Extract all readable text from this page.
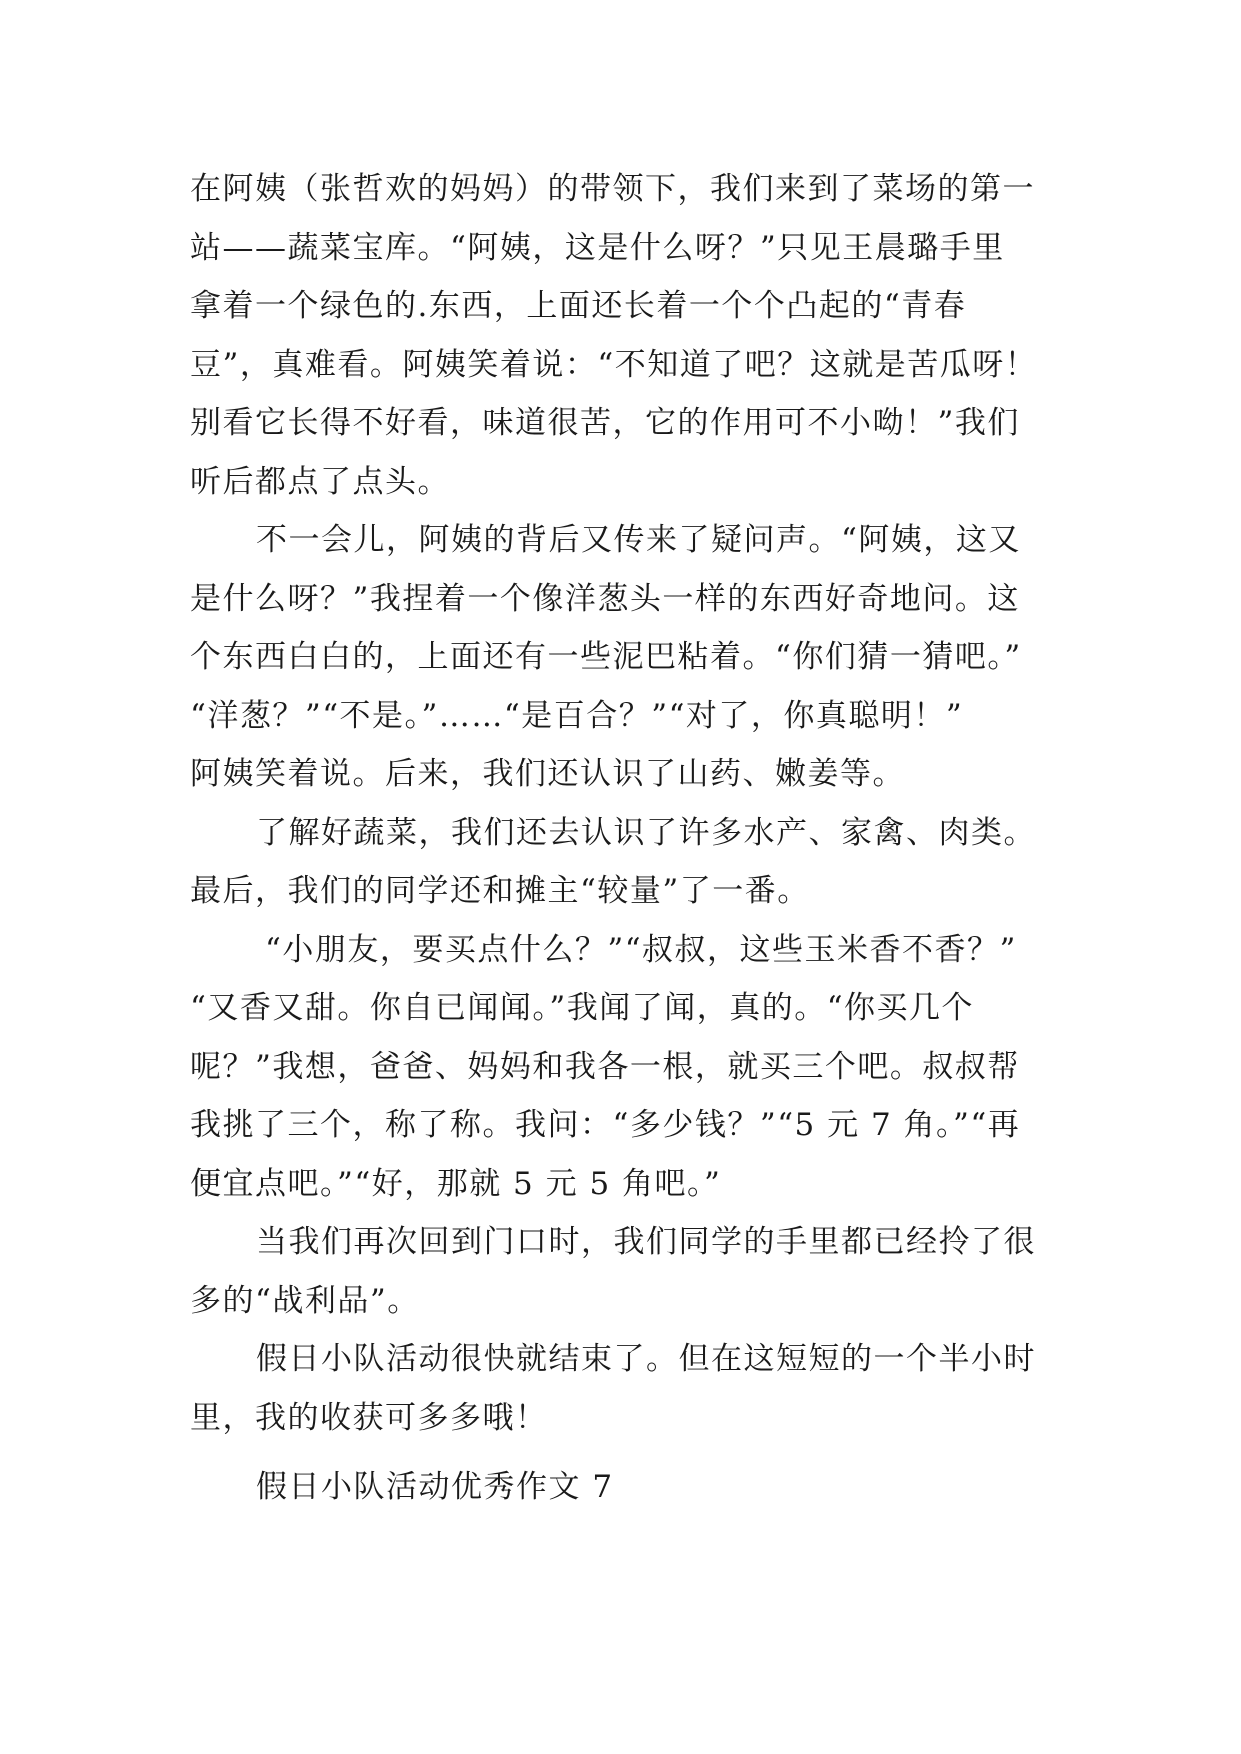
在阿姨（张哲欢的妈妈）的带领下，我们来到了菜场的第一
站——蔬菜宝库。“阿姨，这是什么呀？”只见王晨璐手里
拿着一个绿色的.东西，上面还长着一个个凸起的“青春
豆”，真难看。阿姨笑着说：“不知道了吧？这就是苦瓜呀！
别看它长得不好看，味道很苦，它的作用可不小呦！”我们
听后都点了点头。
不一会儿，阿姨的背后又传来了疑问声。“阿姨，这又
是什么呀？”我捏着一个像洋葱头一样的东西好奇地问。这
个东西白白的，上面还有一些泥巴粘着。“你们猜一猜吧。”
“洋葱？”“不是。”……“是百合？”“对了，你真聪明！”
阿姨笑着说。后来，我们还认识了山药、嫩姜等。
了解好蔬菜，我们还去认识了许多水产、家禽、肉类。
最后，我们的同学还和摊主“较量”了一番。
“小朋友，要买点什么？”“叔叔，这些玉米香不香？”
“又香又甜。你自已闻闻。”我闻了闻，真的。“你买几个
呢？”我想，爸爸、妈妈和我各一根，就买三个吧。叔叔帮
我挑了三个，称了称。我问：“多少钱？”“5 元 7 角。”“再
便宜点吧。”“好，那就 5 元 5 角吧。”
当我们再次回到门口时，我们同学的手里都已经拎了很
多的“战利品”。
假日小队活动很快就结束了。但在这短短的一个半小时
里，我的收获可多多哦！
假日小队活动优秀作文 7
